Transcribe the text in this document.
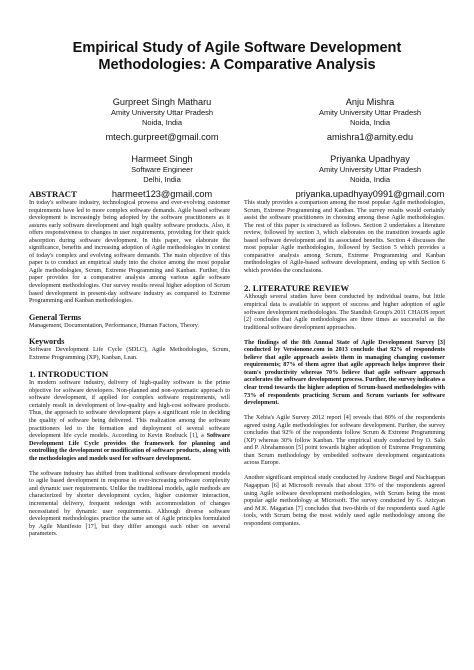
Empirical Study of Agile Software Development
Methodologies: A Comparative Analysis
Gurpreet Singh Matharu
Amity University Uttar Pradesh
Noida, India
mtech.gurpreet@gmail.com
Anju Mishra
Amity University Uttar Pradesh
Noida, India
amishra1@amity.edu
Harmeet Singh
Software Engineer
Delhi, India
harmeet123@gmail.com
Priyanka Upadhyay
Amity University Uttar Pradesh
Noida, India
priyanka.upadhyay0991@gmail.com
ABSTRACT

In today's software industry, technological prowess and ever-evolving customer requirements have led to more complex software demands. Agile based software development is increasingly being adopted by the software practitioners as it assures early software development and high quality software products. Also, it offers responsiveness to changes in user requirements, providing for their quick absorption during software development. In this paper, we elaborate the significance, benefits and increasing adoption of Agile methodologies in context of today's complex and evolving software demands. The main objective of this paper is to conduct an empirical study into the choice among the most popular Agile methodologies, Scrum, Extreme Programming and Kanban. Further, this paper provides for a comparative analysis among various agile software development methodologies. Our survey results reveal higher adoption of Scrum based development in present-day software industry as compared to Extreme Programming and Kanban methodologies.

General Terms

Management, Documentation, Performance, Human Factors, Theory.

Keywords

Software Development Life Cycle (SDLC), Agile Methodologies, Scrum, Extreme Programming (XP), Kanban, Lean.

1. INTRODUCTION

In modern software industry, delivery of high-quality software is the prime objective for software developers. Non-planned and non-systematic approach to software development, if applied for complex software requirements, will certainly result in development of low-quality and high-cost software products. Thus, the approach to software development plays a significant role in deciding the quality of software being delivered. This realization among the software practitioners led to the formation and deployment of several software development life cycle models. According to Kevin Roebuck [1], a Software Development Life Cycle provides the framework for planning and controlling the development or modification of software products, along with the methodologies and models used for software development.

The software industry has shifted from traditional software development models to agile based development in response to ever-increasing software complexity and dynamic user requirements. Unlike the traditional models, agile methods are characterized by shorter development cycles, higher customer interaction, incremental delivery, frequent redesign with accommodation of changes necessitated by dynamic user requirements. Although diverse software development methodologies practice the same set of Agile principles formulated by Agile Manifesto [17], but they differ amongst each other on several parameters.

This study provides a comparison among the most popular Agile methodologies, Scrum, Extreme Programming and Kanban. The survey results would certainly assist the software practitioners in choosing among these Agile methodologies. The rest of this paper is structured as follows. Section 2 undertakes a literature review, followed by section 3, which elaborates on the transition towards agile based software development and its associated benefits. Section 4 discusses the most popular Agile methodologies, followed by Section 5 which provides a comparative analysis among Scrum, Extreme Programming and Kanban methodologies of Agile-based software development, ending up with Section 6 which provides the conclusions.

2. LITERATURE REVIEW

Although several studies have been conducted by individual teams, but little empirical data is available in support of success and higher adoption of agile software development methodologies. The Standish Group's 2011 CHAOS report [2] concludes that Agile methodologies are three times as successful as the traditional software development approaches.

The findings of the 8th Annual State of Agile Development Survey [3] conducted by Versionone.com in 2013 conclude that 92% of respondents believe that agile approach assists them in managing changing customer requirements; 87% of them agree that agile approach helps improve their team's productivity whereas 70% believe that agile software approach accelerates the software development process. Further, the survey indicates a clear trend towards the higher adoption of Scrum-based methodologies with 73% of respondents practicing Scrum and Scrum variants for software development.

The Xebia's Agile Survey 2012 report [4] reveals that 80% of the respondents agreed using Agile methodologies for software development. Further, the survey concludes that 92% of the respondents follow Scrum & Extreme Programming (XP) whereas 30% follow Kanban. The empirical study conducted by O. Salo and P. Abrahamsson [5] point towards higher adoption of Extreme Programming than Scrum methodology by embedded software development organizations across Europe.

Another significant empirical study conducted by Andrew Begel and Nachiappan Nagappan [6] at Microsoft reveals that about 33% of the respondents agreed using Agile software development methodologies, with Scrum being the most popular agile methodology at Microsoft. The survey conducted by G. Azizyan and M.K. Magarian [7] concludes that two-thirds of the respondents used Agile tools, with Scrum being the most widely used agile methodology among the respondent companies.
